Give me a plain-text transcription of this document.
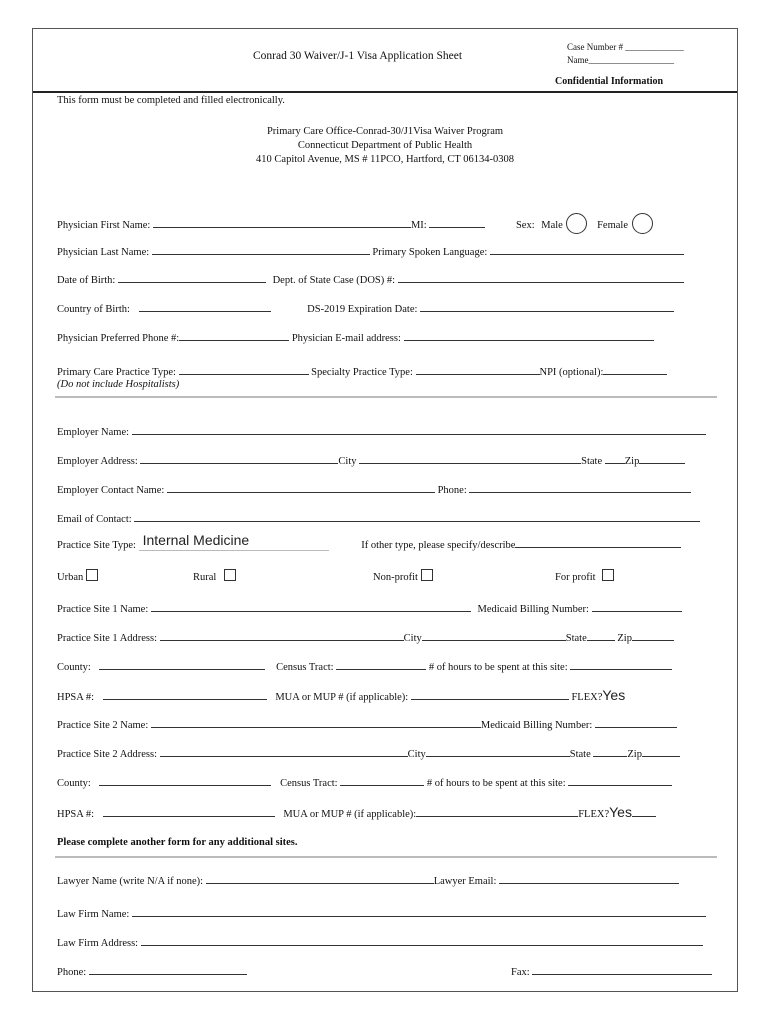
Conrad 30 Waiver/J-1 Visa Application Sheet
Case Number # _____________
Name___________________
Confidential Information
This form must be completed and filled electronically.
Primary Care Office-Conrad-30/J1Visa Waiver Program
Connecticut Department of Public Health
410 Capitol Avenue, MS # 11PCO, Hartford, CT 06134-0308
Physician First Name:	MI:	Sex: Male	Female
Physician Last Name:	Primary Spoken Language:
Date of Birth:	Dept. of State Case (DOS) #:
Country of Birth:	DS-2019 Expiration Date:
Physician Preferred Phone #:	Physician E-mail address:
Primary Care Practice Type:	Specialty Practice Type:	NPI (optional):
(Do not include Hospitalists)
Employer Name:
Employer Address:	City	State Zip
Employer Contact Name:	Phone:
Email of Contact:
Practice Site Type: Internal Medicine	If other type, please specify/describe
Urban	Rural	Non-profit	For profit
Practice Site 1 Name:	Medicaid Billing Number:
Practice Site 1 Address:	City	State	Zip
County:	Census Tract:	# of hours to be spent at this site:
HPSA #:	MUA or MUP # (if applicable):	FLEX?Yes
Practice Site 2 Name:	Medicaid Billing Number:
Practice Site 2 Address:	City	State	Zip
County:	Census Tract:	# of hours to be spent at this site:
HPSA #:	MUA or MUP # (if applicable):	FLEX?Yes
Please complete another form for any additional sites.
Lawyer Name (write N/A if none):	Lawyer Email:
Law Firm Name:
Law Firm Address:
Phone:	Fax:
